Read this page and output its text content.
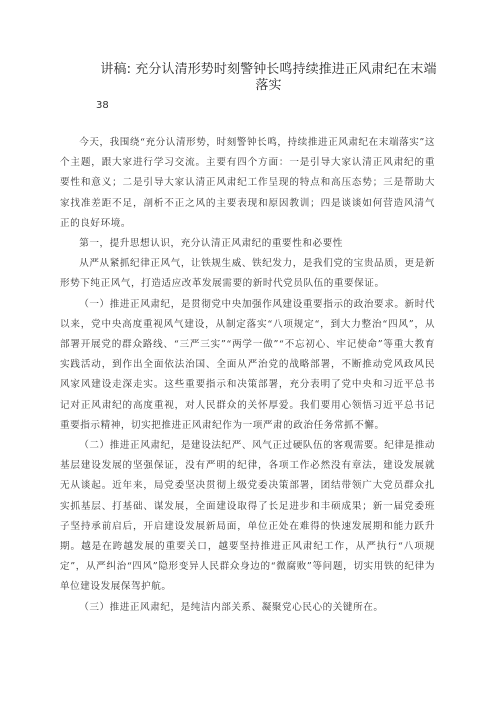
讲稿: 充分认清形势时刻警钟长鸣持续推进正风肃纪在末端落实
38

今天，我围绕“充分认清形势，时刻警钟长鸣，持续推进正风肃纪在末端落实”这个主题，跟大家进行学习交流。主要有四个方面：一是引导大家认清正风肃纪的重要性和意义；二是引导大家认清正风肃纪工作呈现的特点和高压态势；三是帮助大家找准差距不足，剖析不正之风的主要表现和原因教训；四是谈谈如何营造风清气正的良好环境。

第一，提升思想认识，充分认清正风肃纪的重要性和必要性

从严从紧抓纪律正风气，让铁规生威、铁纪发力，是我们党的宝贵品质，更是新形势下纯正风气，打造适应改革发展需要的新时代党员队伍的重要保证。

（一）推进正风肃纪，是贯彻党中央加强作风建设重要指示的政治要求。新时代以来，党中央高度重视风气建设，从制定落实“八项规定“，到大力整治“四风”，从部署开展党的群众路线、“三严三实”“两学一做”“不忘初心、牢记使命”等重大教育实践活动，到作出全面依法治国、全面从严治党的战略部署，不断推动党风政风民风家风建设走深走实。这些重要指示和决策部署，充分表明了党中央和习近平总书记对正风肃纪的高度重视，对人民群众的关怀厚爱。我们要用心领悟习近平总书记重要指示精神，切实把推进正风肃纪作为一项严肃的政治任务常抓不懈。

（二）推进正风肃纪，是建设法纪严、风气正过硬队伍的客观需要。纪律是推动基层建设发展的坚强保证，没有严明的纪律，各项工作必然没有章法，建设发展就无从谈起。近年来，局党委坚决贯彻上级党委决策部署，团结带领广大党员群众扎实抓基层、打基础、谋发展，全面建设取得了长足进步和丰硕成果；新一届党委班子坚持承前启后，开启建设发展新局面，单位正处在难得的快速发展期和能力跃升期。越是在跨越发展的重要关口，越要坚持推进正风肃纪工作，从严执行“八项规定”，从严纠治“四风”隐形变异人民群众身边的“微腐败”等问题，切实用铁的纪律为单位建设发展保驾护航。

（三）推进正风肃纪，是纯洁内部关系、凝聚党心民心的关键所在。
